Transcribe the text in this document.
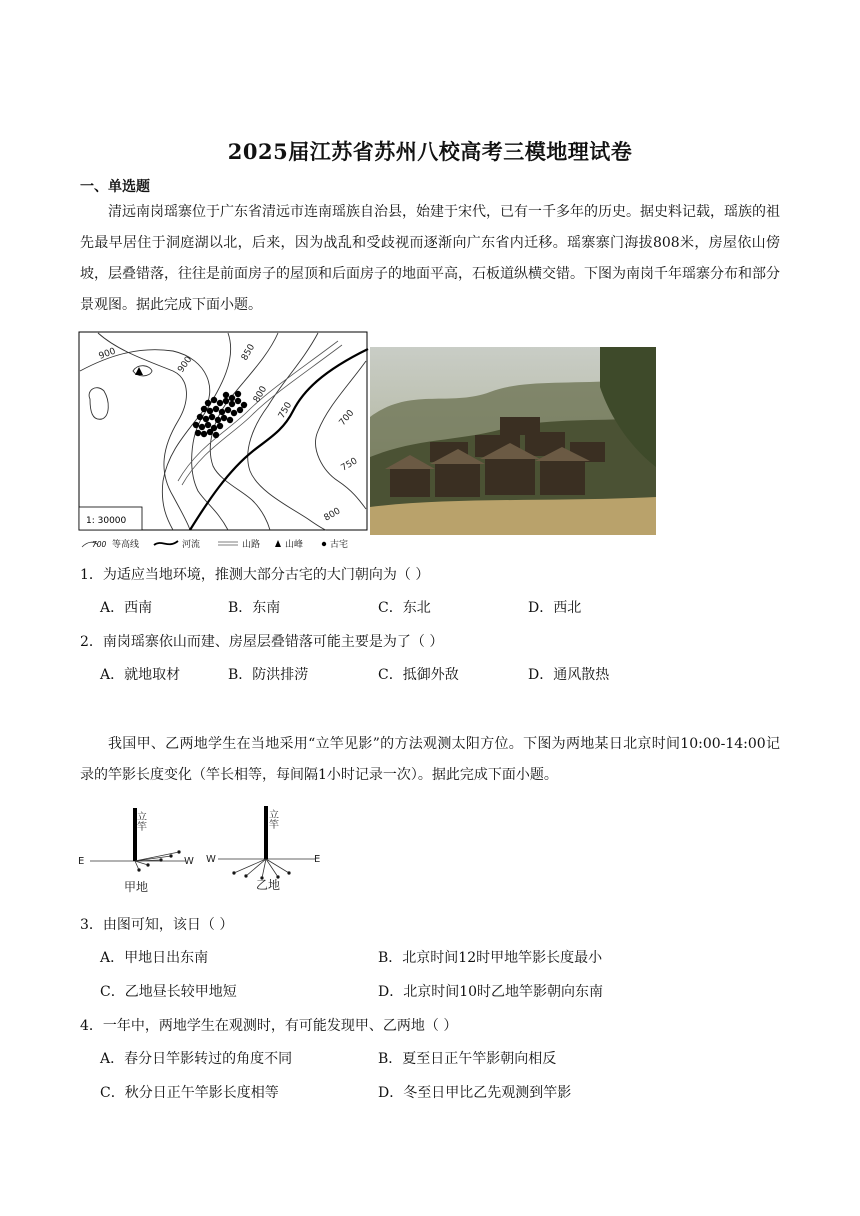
2025届江苏省苏州八校高考三模地理试卷
一、单选题
清远南岗瑶寨位于广东省清远市连南瑶族自治县，始建于宋代，已有一千多年的历史。据史料记载，瑶族的祖先最早居住于洞庭湖以北，后来，因为战乱和受歧视而逐渐向广东省内迁移。瑶寨寨门海拔808米，房屋依山傍坡，层叠错落，往往是前面房子的屋顶和后面房子的地面平高，石板道纵横交错。下图为南岗千年瑶寨分布和部分景观图。据此完成下面小题。
900
900
850
800
750	700
750
800
1: 30000
700 等高线	河流	山路	山峰	古宅
1．为适应当地环境，推测大部分古宅的大门朝向为（ ）
A．西南	B．东南	C．东北	D．西北
2．南岗瑶寨依山而建、房屋层叠错落可能主要是为了（ ）
A．就地取材	B．防洪排涝	C．抵御外敌	D．通风散热
我国甲、乙两地学生在当地采用“立竿见影”的方法观测太阳方位。下图为两地某日北京时间10:00-14:00记录的竿影长度变化（竿长相等，每间隔1小时记录一次）。据此完成下面小题。
立竿
E	W
甲地
立竿
W	E
乙地
3．由图可知，该日（ ）
A．甲地日出东南	B．北京时间12时甲地竿影长度最小
C．乙地昼长较甲地短	D．北京时间10时乙地竿影朝向东南
4．一年中，两地学生在观测时，有可能发现甲、乙两地（ ）
A．春分日竿影转过的角度不同	B．夏至日正午竿影朝向相反
C．秋分日正午竿影长度相等	D．冬至日甲比乙先观测到竿影
